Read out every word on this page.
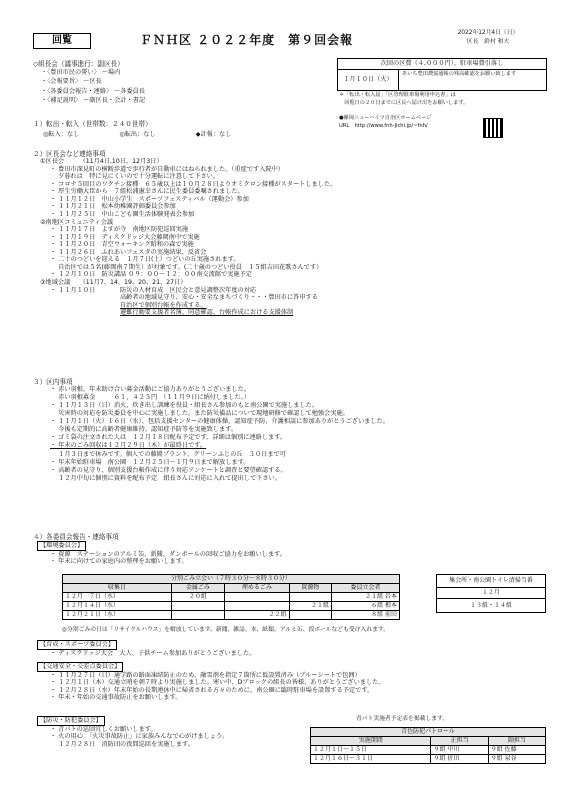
回覧	ＦＮＨ区 ２０２２年度　第９回会報	2022年12月4日（日）
区長　鈴村 和夫
次回の区費（４,０００円）、駐車場費引落し
１月１０日（火）
あいち豊田農協通帳の残高確認をお願い致します
＊「転出・転入届」「区管理駐車場利用申込書」は
　回覧日の２０日までに区長へ届け出をお願いします。
●藤岡ニューハイツ自治区ホームページ
URL　 http://www.fnh-jichi.jp/~fnh/
◇組長会（議事進行：副区長）
・〈豊田市民の誓い〉 〜場内
・〈会報要旨〉 〜区長
・〈各委員会報告・連絡〉 〜各委員長
・〈補足説明〉 〜副区長・会計・書記
１）転出・転入（世帯数：２４０世帯）
◎転入：なし	◎転出：なし	◆計報：なし
２）区長会など連絡事項
①区長会　　　	（11月4日,10日、12月3日）
・ 豊田市深見町の横断歩道で歩行者が自動車にはねられました。（重症です入院中）
　 夕暮れは　特に見にくいので十分運転に注意して下さい。
・ コロナ５回目のワクチン接種　６５歳以上は１０月２８日よりオミクロン接種がスタートしました。
・ 厚生労働大臣から　７組松浦憲幸さんに民生委員委嘱されました。
・ １１月１２日　中山小学生　スポーツフェスティバル（運動会）参加
・ １１月２１日　松本幼稚園評価委員会参加
・ １１月２５日　中山こども園生活体験発表会参加
②南地区コミュニティ会議
・ １１月１７日　よすが寺　南地区防犯巡回実施
・ １１月１９日　ディスクドッジ大会藤岡南中で実施
・ １１月２０日　青空ウォーキング昭和の森で実施
・ １１月２６日　ふれあいフェスタの実施結果、反省会
・ 二十のつどいを迎える　１月７日(土）つどいの丘実施されます。
　 自治区では５名(藤岡南７期生）が対象です。(二十歳のつどい役員　１５組吉田花歌さんです）
・ １２月１０日　防災講話 ０９：００〜１２：００南交流館で実施予定
③地域会議　　 （11月7、14、19、20、21、27日）
・ １１月１０日	防災の人材育成　区民会と意見調整次年度の対応
高齢者の地域見守り、安心・安全なまちづくり・・・豊田市に答申する
自治区で個別台帳を作成する。
避難行動要支援者名簿、同意確認、台帳作成における支援体制
３）区内事項
・ 赤い羽根、年末助け合い募金活動にご協力ありがとうございました。
　 赤い羽根募金　　　６１，４２５円　（１１月９日に納付しました。）
・ １１月１３日（日）消火、炊き出し訓練を役員・組長さん参加のもと南公園で実施しました。
　 災害時の対応を防災委員を中心に実施しました。また防災備品について現地研修で確認して勉強会実施。
・ １１月１日（火）１６日（水）、包括支援センターの健康体操、認知症予防、介護相談に参加ありがとうございました。
　 今後も定期的に高齢者健康維持、認知症予防等を実施致します。
・ ゴミ袋の注文された人は　１２月１８日配布予定です。詳細は個別に連絡します。
・ 年末のごみ回収は１２月２９日（木）が最終日です。
　 １月３日まで休みです。個人での藤岡プラント、グリーンふじの丘　３０日まで可
・ 年末年始駐車場　南公園　１２月２５日〜１月９日まで解放します。
・ 高齢者の見守り、個別支援台帳作成に伴う対応アンケートと調査と要望確認する。
　 １２月中旬に個別に資料を配布予定　組長さんに対応に入れて提出して下さい。
４）各委員会報告・連絡事項
【環境委員会】
・ 資源　ステーションのアルミ缶、新聞、ダンボールの回収ご協力をお願いします。
・ 年末に向けての家庭内の整理をお願いします。
分別ごみ立会い（７時３０分〜８時３０分）				
収集日	金属ごみ	埋めるごみ	資源物	委員立会者
１２月　７日（水）	２０組			２１組 岩本
１２月１４日（水）			２１組	６組 根本
１２月２１日（水）		２２組		８組 前田
集会所・南公園トイレ清掃当番
１２月
１３組・１４組
◎分別ごみの日は「リサイクルハウス」を解放しています。新聞、雑誌、本、紙類、アルミ缶、段ボールなども受け入れます。
【育成・スポーツ委員会】
・ ディスクドッジ大会　大人、子供チーム参加ありがとうございました。
【交通安全・交差点委員会】
・ １１月２７日（日）通学路の路面凍結防止のため、融雪剤を指定７箇所に仮設置済み（ブルーシートで包囲）
・ １２月１日（木）交通立哨を朝７時より実施しました。寒い中、Dブロックの組長の皆様、ありがとうございました。
・ １２月２８日（水）年末年始の長期連休中に帰省される方々のために、南公園に臨時駐車場を設置する予定です。
・ 年末・年始の交通事故防止をお願いします。
【防災・防犯委員会】
・ 青パトの巡回宜しくお願いします。
・ 火の用心　「火災事故防止」に家族みんなで心がけましょう。
　 １２月２８日　消防団の夜間巡回を実施します。
青パト実施者予定表を掲載します。
青色防犯パトロール		
実施期間	正担当	副担当
１２月１日〜１５日	９組 中川	９組 佐藤
１２月１６日〜３１日	９組 折田	９組 泉谷
